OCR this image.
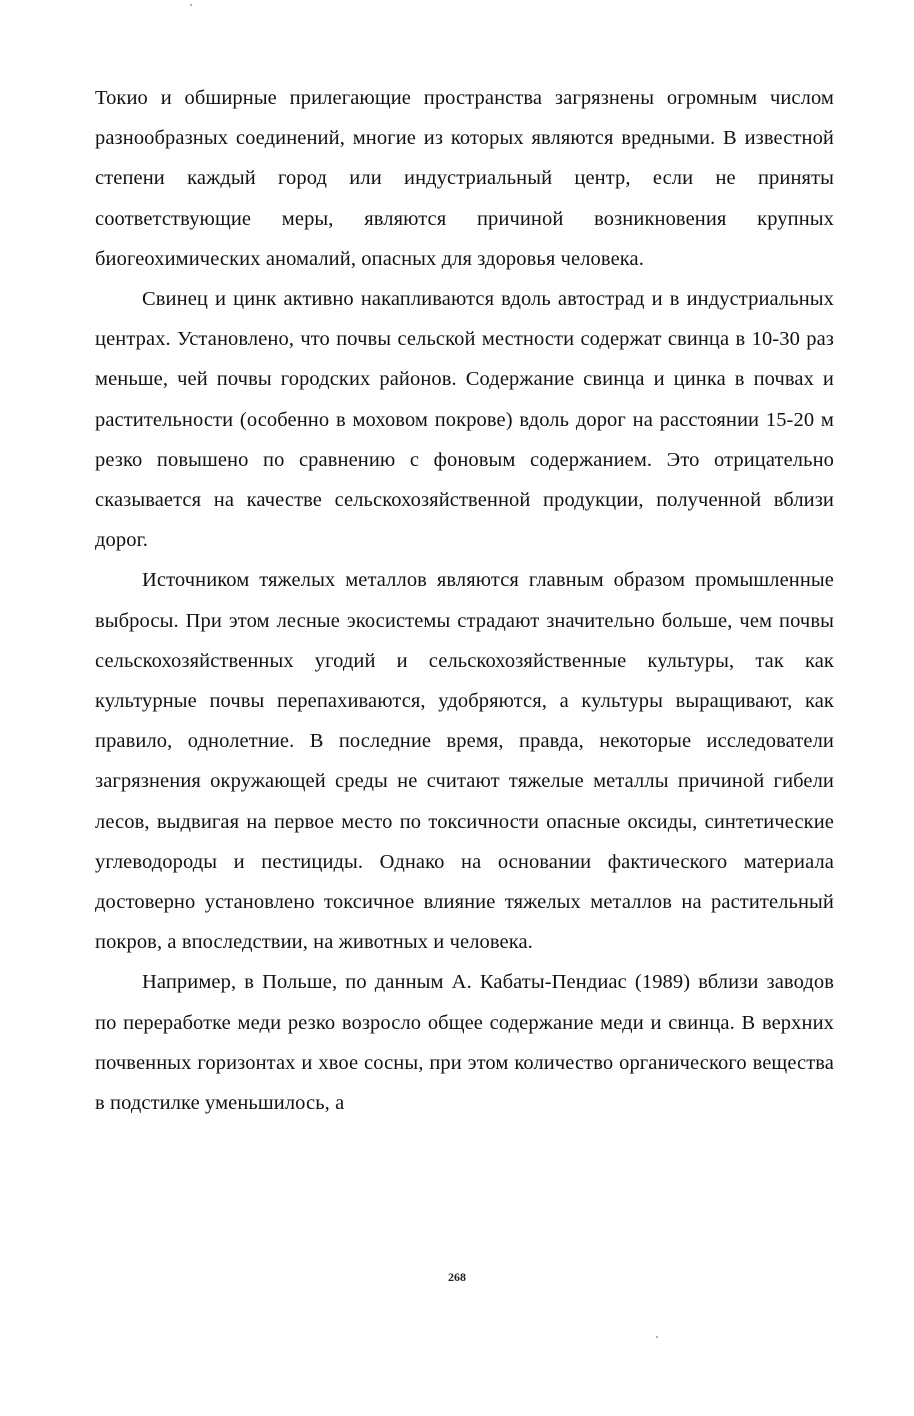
Токио и обширные прилегающие пространства загрязнены огромным числом разнообразных соединений, многие из которых являются вредными. В известной степени каждый город или индустриальный центр, если не приняты соответствующие меры, являются причиной возникновения крупных биогеохимических аномалий, опасных для здоровья человека.

Свинец и цинк активно накапливаются вдоль автострад и в индустриальных центрах. Установлено, что почвы сельской местности содержат свинца в 10-30 раз меньше, чей почвы городских районов. Содержание свинца и цинка в почвах и растительности (особенно в моховом покрове) вдоль дорог на расстоянии 15-20 м резко повышено по сравнению с фоновым содержанием. Это отрицательно сказывается на качестве сельскохозяйственной продукции, полученной вблизи дорог.

Источником тяжелых металлов являются главным образом промышленные выбросы. При этом лесные экосистемы страдают значительно больше, чем почвы сельскохозяйственных угодий и сельскохозяйственные культуры, так как культурные почвы перепахиваются, удобряются, а культуры выращивают, как правило, однолетние. В последние время, правда, некоторые исследователи загрязнения окружающей среды не считают тяжелые металлы причиной гибели лесов, выдвигая на первое место по токсичности опасные оксиды, синтетические углеводороды и пестициды. Однако на основании фактического материала достоверно установлено токсичное влияние тяжелых металлов на растительный покров, а впоследствии, на животных и человека.

Например, в Польше, по данным А. Кабаты-Пендиас (1989) вблизи заводов по переработке меди резко возросло общее содержание меди и свинца. В верхних почвенных горизонтах и хвое сосны, при этом количество органического вещества в подстилке уменьшилось, а

268
